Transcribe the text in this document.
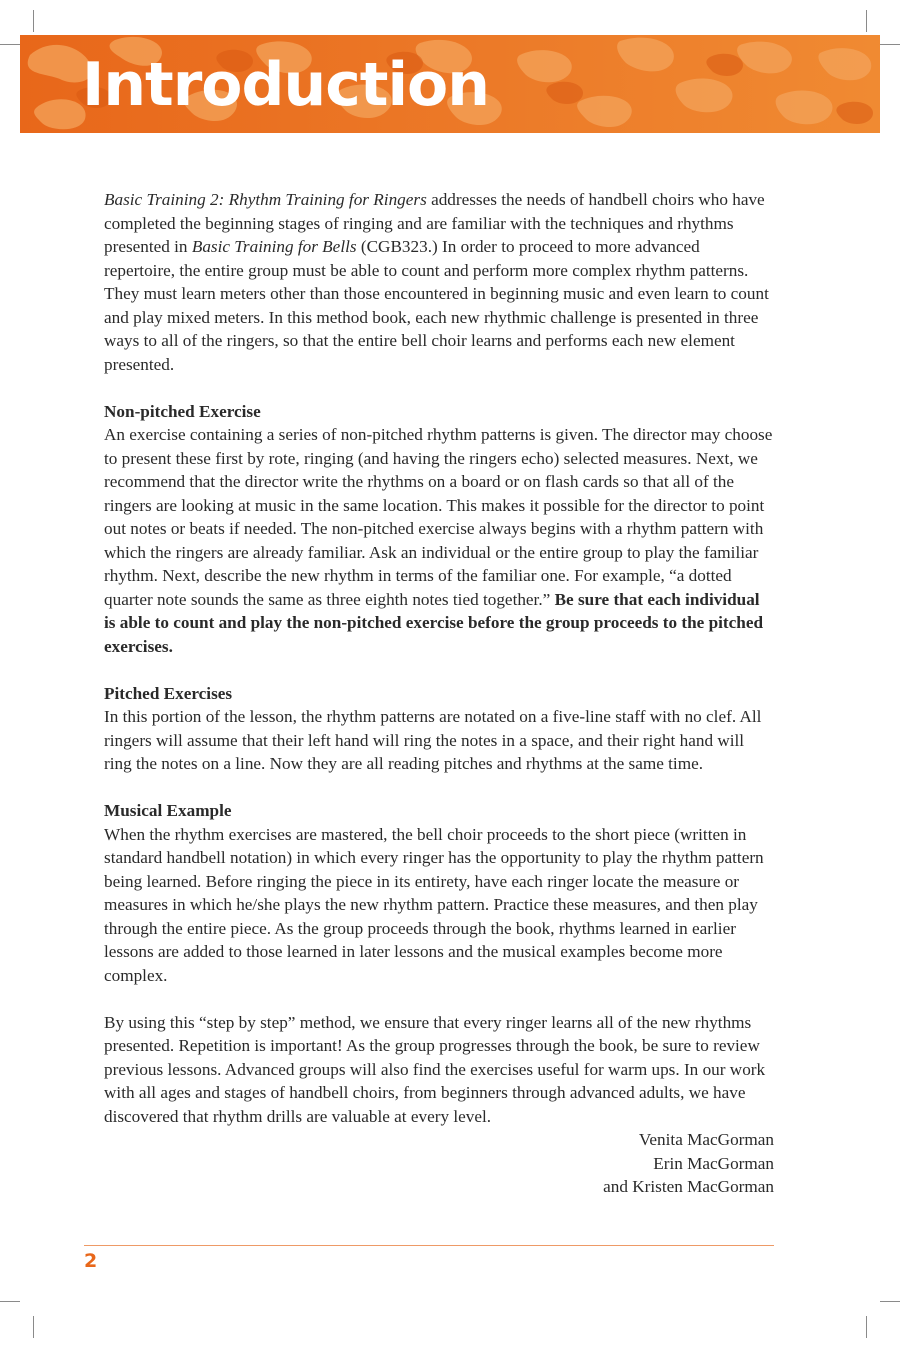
Introduction

Basic Training 2: Rhythm Training for Ringers addresses the needs of handbell choirs who have completed the beginning stages of ringing and are familiar with the techniques and rhythms presented in Basic Training for Bells (CGB323.) In order to proceed to more advanced repertoire, the entire group must be able to count and perform more complex rhythm patterns. They must learn meters other than those encountered in beginning music and even learn to count and play mixed meters. In this method book, each new rhythmic challenge is presented in three ways to all of the ringers, so that the entire bell choir learns and performs each new element presented.

Non-pitched Exercise
An exercise containing a series of non-pitched rhythm patterns is given. The director may choose to present these first by rote, ringing (and having the ringers echo) selected measures. Next, we recommend that the director write the rhythms on a board or on flash cards so that all of the ringers are looking at music in the same location. This makes it possible for the director to point out notes or beats if needed. The non-pitched exercise always begins with a rhythm pattern with which the ringers are already familiar. Ask an individual or the entire group to play the familiar rhythm. Next, describe the new rhythm in terms of the familiar one. For example, “a dotted quarter note sounds the same as three eighth notes tied together.” Be sure that each individual is able to count and play the non-pitched exercise before the group proceeds to the pitched exercises.

Pitched Exercises
In this portion of the lesson, the rhythm patterns are notated on a five-line staff with no clef. All ringers will assume that their left hand will ring the notes in a space, and their right hand will ring the notes on a line. Now they are all reading pitches and rhythms at the same time.

Musical Example
When the rhythm exercises are mastered, the bell choir proceeds to the short piece (written in standard handbell notation) in which every ringer has the opportunity to play the rhythm pattern being learned. Before ringing the piece in its entirety, have each ringer locate the measure or measures in which he/she plays the new rhythm pattern. Practice these measures, and then play through the entire piece. As the group proceeds through the book, rhythms learned in earlier lessons are added to those learned in later lessons and the musical examples become more complex.

By using this “step by step” method, we ensure that every ringer learns all of the new rhythms presented. Repetition is important! As the group progresses through the book, be sure to review previous lessons. Advanced groups will also find the exercises useful for warm ups. In our work with all ages and stages of handbell choirs, from beginners through advanced adults, we have discovered that rhythm drills are valuable at every level.

Venita MacGorman
Erin MacGorman
and Kristen MacGorman
2
